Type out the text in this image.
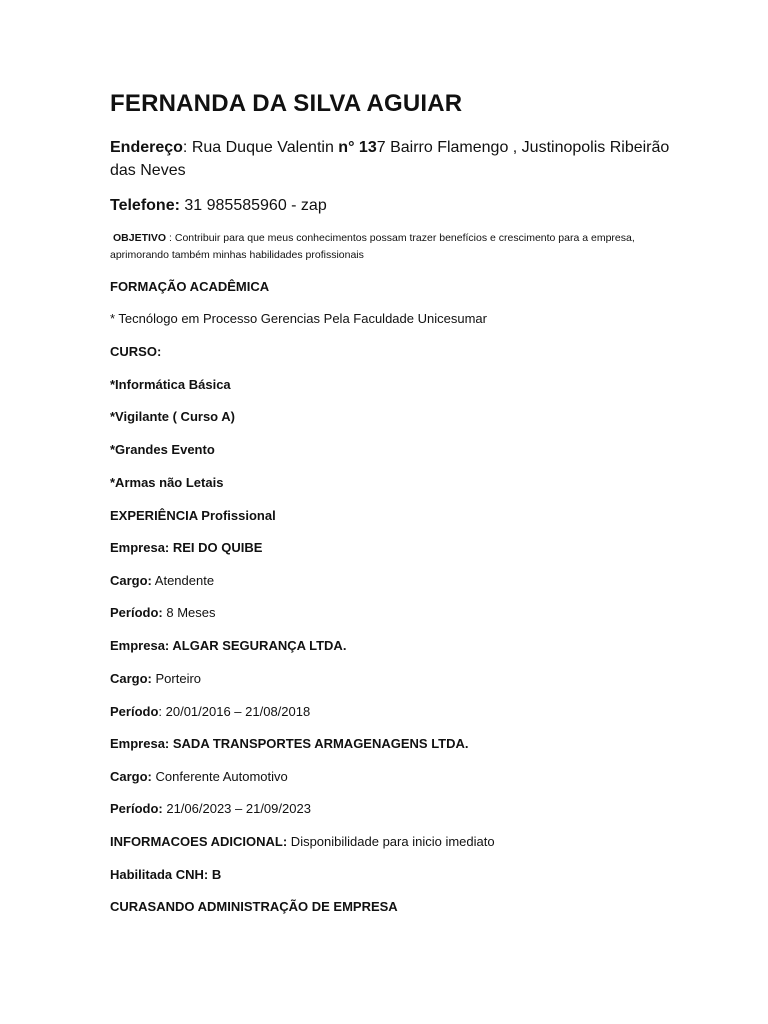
FERNANDA DA SILVA AGUIAR
Endereço: Rua Duque Valentin n° 137 Bairro Flamengo , Justinopolis Ribeirão das Neves
Telefone: 31 985585960 - zap
OBJETIVO : Contribuir para que meus conhecimentos possam trazer benefícios e crescimento para a empresa, aprimorando também minhas habilidades profissionais
FORMAÇÃO ACADÊMICA
* Tecnólogo em Processo Gerencias Pela Faculdade Unicesumar
CURSO:
*Informática Básica
*Vigilante ( Curso A)
*Grandes Evento
*Armas não Letais
EXPERIÊNCIA Profissional
Empresa: REI DO QUIBE
Cargo: Atendente
Período: 8 Meses
Empresa: ALGAR SEGURANÇA LTDA.
Cargo: Porteiro
Período: 20/01/2016 – 21/08/2018
Empresa: SADA TRANSPORTES ARMAGENAGENS LTDA.
Cargo: Conferente Automotivo
Período: 21/06/2023 – 21/09/2023
INFORMACOES ADICIONAL: Disponibilidade para inicio imediato
Habilitada CNH: B
CURASANDO ADMINISTRAÇÃO DE EMPRESA
